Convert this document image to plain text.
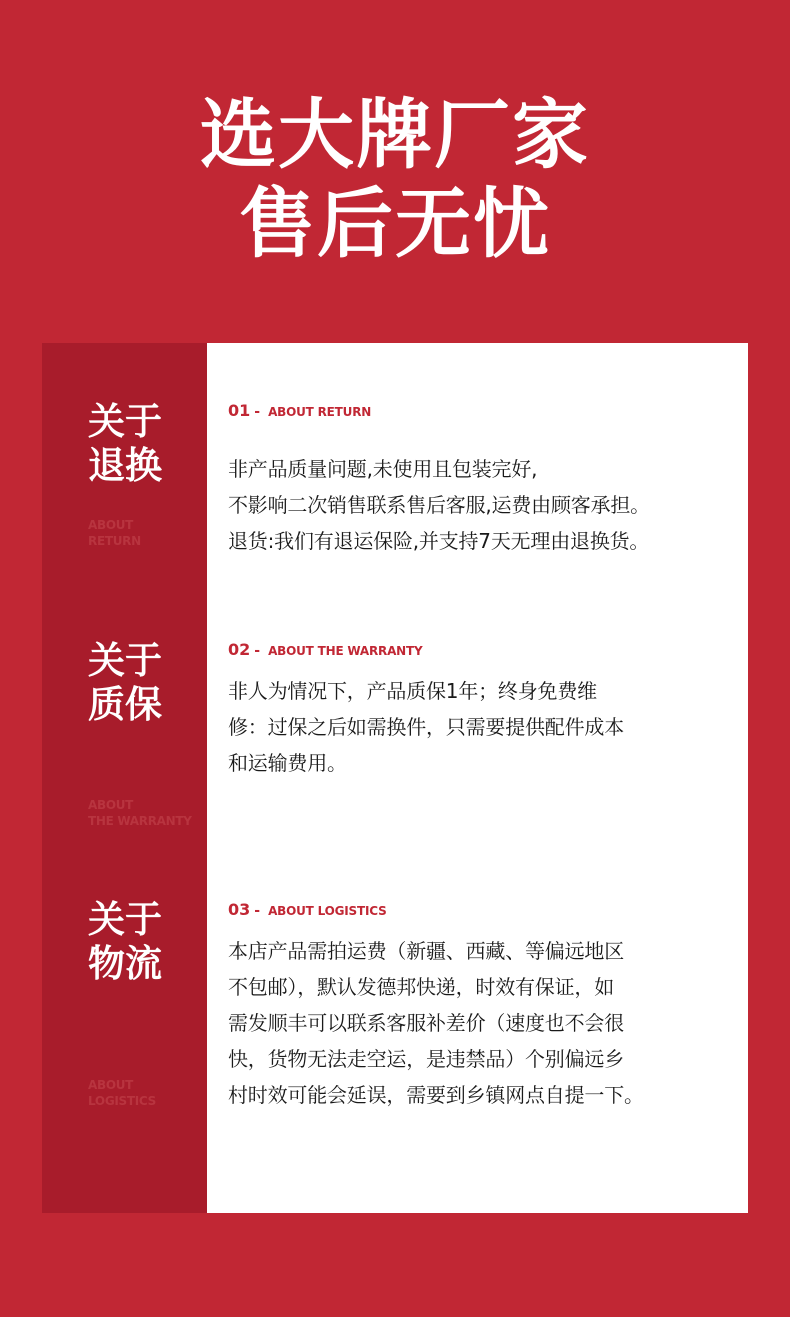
选大牌厂家
售后无忧
关于
退换
ABOUT
RETURN
关于
质保
ABOUT
THE WARRANTY
关于
物流
ABOUT
LOGISTICS
01 - ABOUT RETURN
非产品质量问题,未使用且包装完好,
不影响二次销售联系售后客服,运费由顾客承担。
退货:我们有退运保险,并支持7天无理由退换货。
02 - ABOUT THE WARRANTY
非人为情况下，产品质保1年；终身免费维
修：过保之后如需换件，只需要提供配件成本
和运输费用。
03 - ABOUT LOGISTICS
本店产品需拍运费（新疆、西藏、等偏远地区
不包邮），默认发德邦快递，时效有保证，如
需发顺丰可以联系客服补差价（速度也不会很
快，货物无法走空运，是违禁品）个别偏远乡
村时效可能会延误，需要到乡镇网点自提一下。
